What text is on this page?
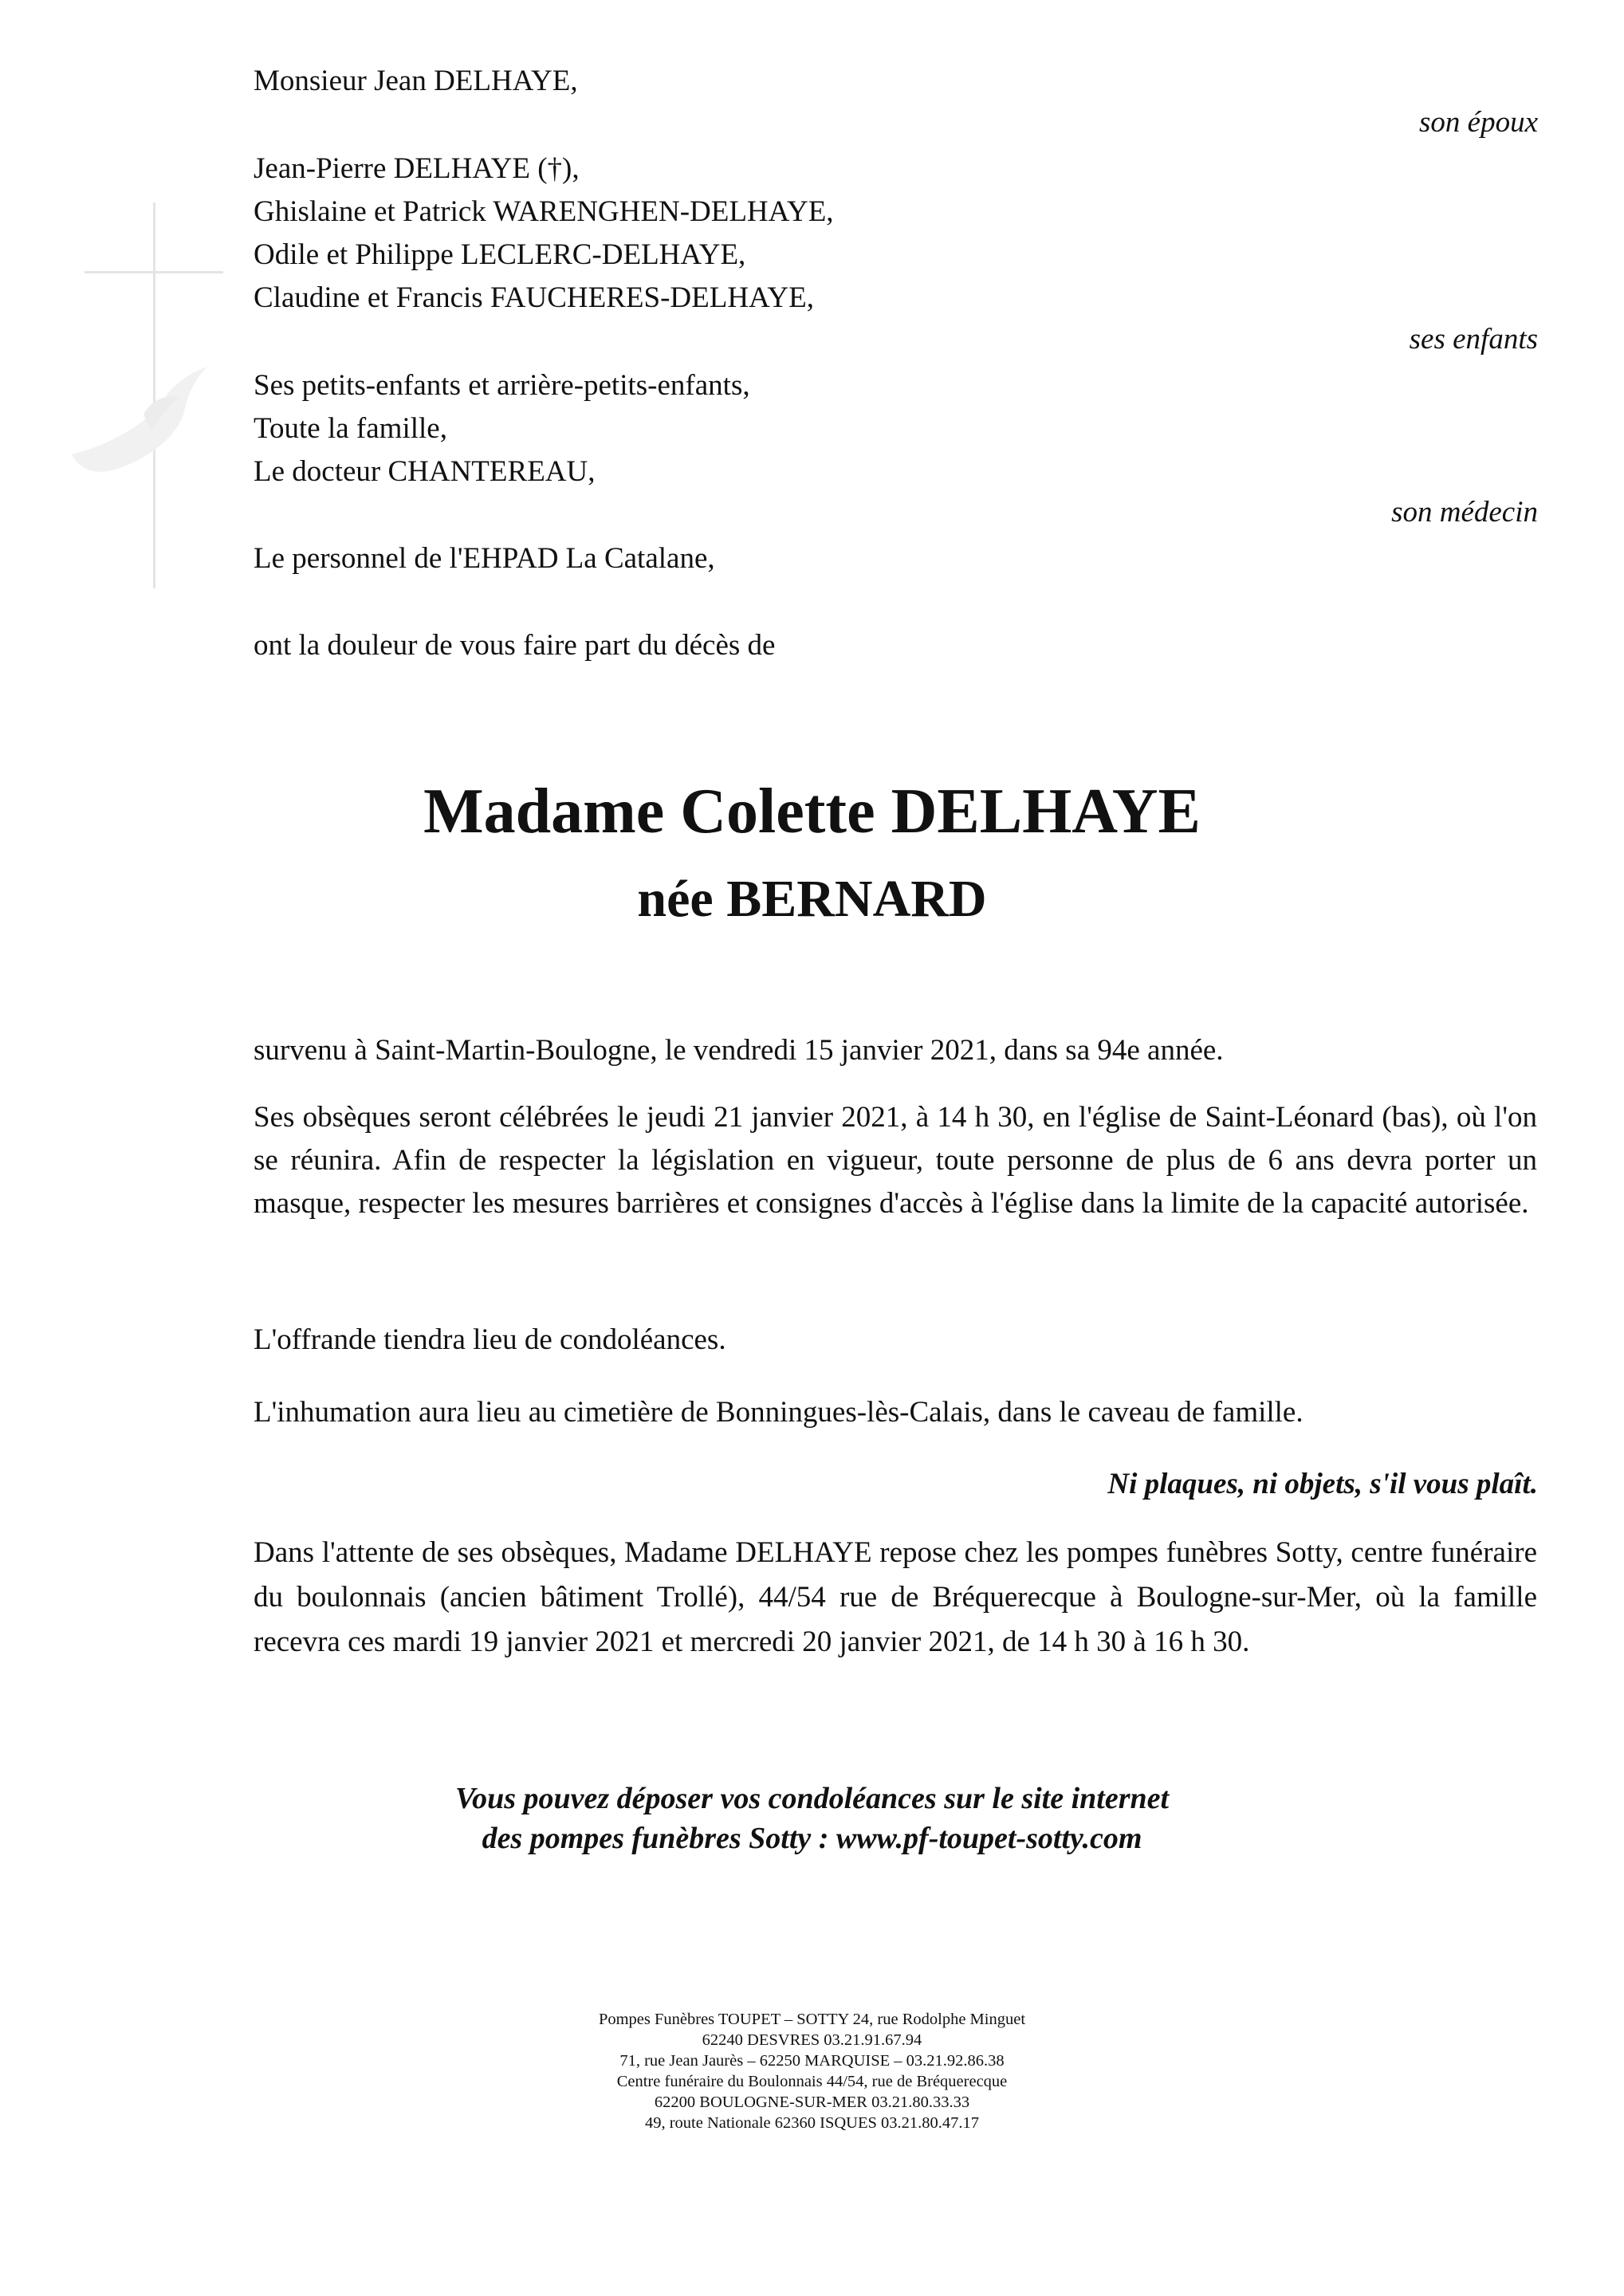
Monsieur Jean DELHAYE,
son époux
Jean-Pierre DELHAYE (†),
Ghislaine et Patrick WARENGHEN-DELHAYE,
Odile et Philippe LECLERC-DELHAYE,
Claudine et Francis FAUCHERES-DELHAYE,
ses enfants
Ses petits-enfants et arrière-petits-enfants,
Toute la famille,
Le docteur CHANTEREAU,
son médecin
Le personnel de l'EHPAD La Catalane,
ont la douleur de vous faire part du décès de
Madame Colette DELHAYE
née BERNARD
survenu à Saint-Martin-Boulogne, le vendredi 15 janvier 2021, dans sa 94e année.
Ses obsèques seront célébrées le jeudi 21 janvier 2021, à 14 h 30, en l'église de Saint-Léonard (bas), où l'on se réunira. Afin de respecter la législation en vigueur, toute personne de plus de 6 ans devra porter un masque, respecter les mesures barrières et consignes d'accès à l'église dans la limite de la capacité autorisée.
L'offrande tiendra lieu de condoléances.
L'inhumation aura lieu au cimetière de Bonningues-lès-Calais, dans le caveau de famille.
Ni plaques, ni objets, s'il vous plaît.
Dans l'attente de ses obsèques, Madame DELHAYE repose chez les pompes funèbres Sotty, centre funéraire du boulonnais (ancien bâtiment Trollé), 44/54 rue de Bréquerecque à Boulogne-sur-Mer, où la famille recevra ces mardi 19 janvier 2021 et mercredi 20 janvier 2021, de 14 h 30 à 16 h 30.
Vous pouvez déposer vos condoléances sur le site internet
des pompes funèbres Sotty : www.pf-toupet-sotty.com
Pompes Funèbres TOUPET – SOTTY 24, rue Rodolphe Minguet
62240 DESVRES 03.21.91.67.94
71, rue Jean Jaurès – 62250 MARQUISE – 03.21.92.86.38
Centre funéraire du Boulonnais 44/54, rue de Bréquerecque
62200 BOULOGNE-SUR-MER 03.21.80.33.33
49, route Nationale 62360 ISQUES 03.21.80.47.17
